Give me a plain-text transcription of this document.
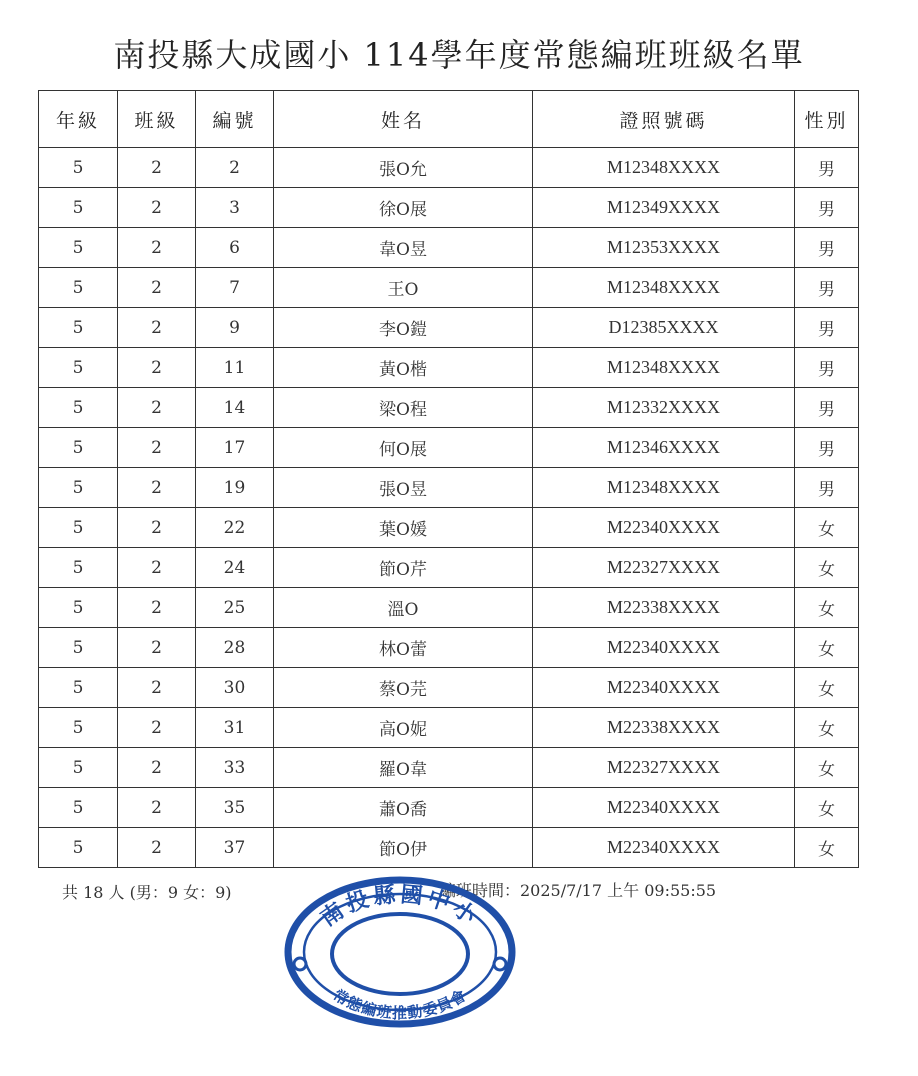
南投縣大成國小 114學年度常態編班班級名單
年級	班級	編號	姓名	證照號碼	性別
5	2	2	張O允	M12348XXXX	男
5	2	3	徐O展	M12349XXXX	男
5	2	6	韋O昱	M12353XXXX	男
5	2	7	王O	M12348XXXX	男
5	2	9	李O鎧	D12385XXXX	男
5	2	11	黃O楷	M12348XXXX	男
5	2	14	梁O程	M12332XXXX	男
5	2	17	何O展	M12346XXXX	男
5	2	19	張O昱	M12348XXXX	男
5	2	22	葉O媛	M22340XXXX	女
5	2	24	節O芹	M22327XXXX	女
5	2	25	溫O	M22338XXXX	女
5	2	28	林O蕾	M22340XXXX	女
5	2	30	蔡O芫	M22340XXXX	女
5	2	31	高O妮	M22338XXXX	女
5	2	33	羅O韋	M22327XXXX	女
5	2	35	蕭O喬	M22340XXXX	女
5	2	37	節O伊	M22340XXXX	女
共 18 人 (男：9 女：9)	編班時間：2025/7/17 上午 09:55:55
南投縣國中小
常態編班推動委員會
